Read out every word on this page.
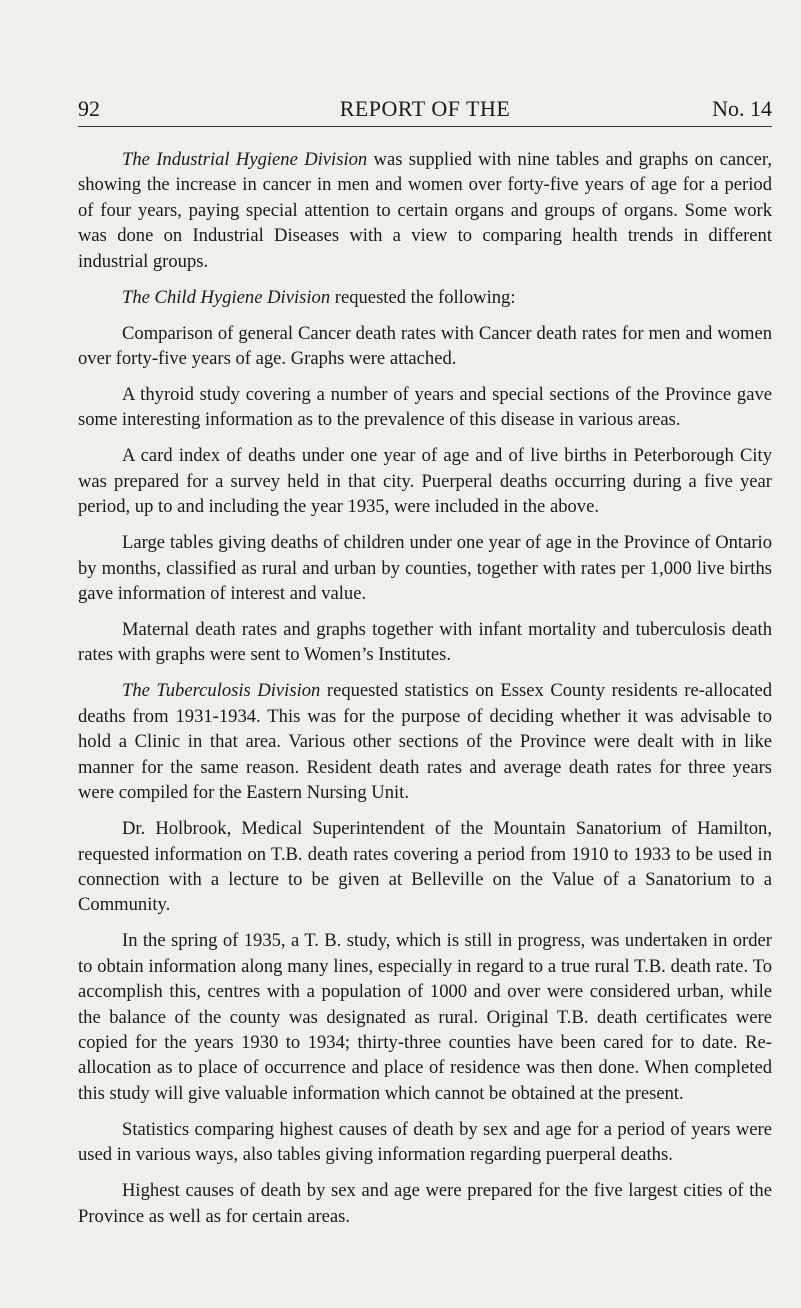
92	REPORT OF THE	No. 14

The Industrial Hygiene Division was supplied with nine tables and graphs on cancer, showing the increase in cancer in men and women over forty-five years of age for a period of four years, paying special attention to certain organs and groups of organs. Some work was done on Industrial Diseases with a view to comparing health trends in different industrial groups.

The Child Hygiene Division requested the following:

Comparison of general Cancer death rates with Cancer death rates for men and women over forty-five years of age. Graphs were attached.

A thyroid study covering a number of years and special sections of the Province gave some interesting information as to the prevalence of this disease in various areas.

A card index of deaths under one year of age and of live births in Peterborough City was prepared for a survey held in that city. Puerperal deaths occurring during a five year period, up to and including the year 1935, were included in the above.

Large tables giving deaths of children under one year of age in the Province of Ontario by months, classified as rural and urban by counties, together with rates per 1,000 live births gave information of interest and value.

Maternal death rates and graphs together with infant mortality and tuberculosis death rates with graphs were sent to Women’s Institutes.

The Tuberculosis Division requested statistics on Essex County residents re-allocated deaths from 1931-1934. This was for the purpose of deciding whether it was advisable to hold a Clinic in that area. Various other sections of the Province were dealt with in like manner for the same reason. Resident death rates and average death rates for three years were compiled for the Eastern Nursing Unit.

Dr. Holbrook, Medical Superintendent of the Mountain Sanatorium of Hamilton, requested information on T.B. death rates covering a period from 1910 to 1933 to be used in connection with a lecture to be given at Belleville on the Value of a Sanatorium to a Community.

In the spring of 1935, a T. B. study, which is still in progress, was undertaken in order to obtain information along many lines, especially in regard to a true rural T.B. death rate. To accomplish this, centres with a population of 1000 and over were considered urban, while the balance of the county was designated as rural. Original T.B. death certificates were copied for the years 1930 to 1934; thirty-three counties have been cared for to date. Re-allocation as to place of occurrence and place of residence was then done. When completed this study will give valuable information which cannot be obtained at the present.

Statistics comparing highest causes of death by sex and age for a period of years were used in various ways, also tables giving information regarding puerperal deaths.

Highest causes of death by sex and age were prepared for the five largest cities of the Province as well as for certain areas.
